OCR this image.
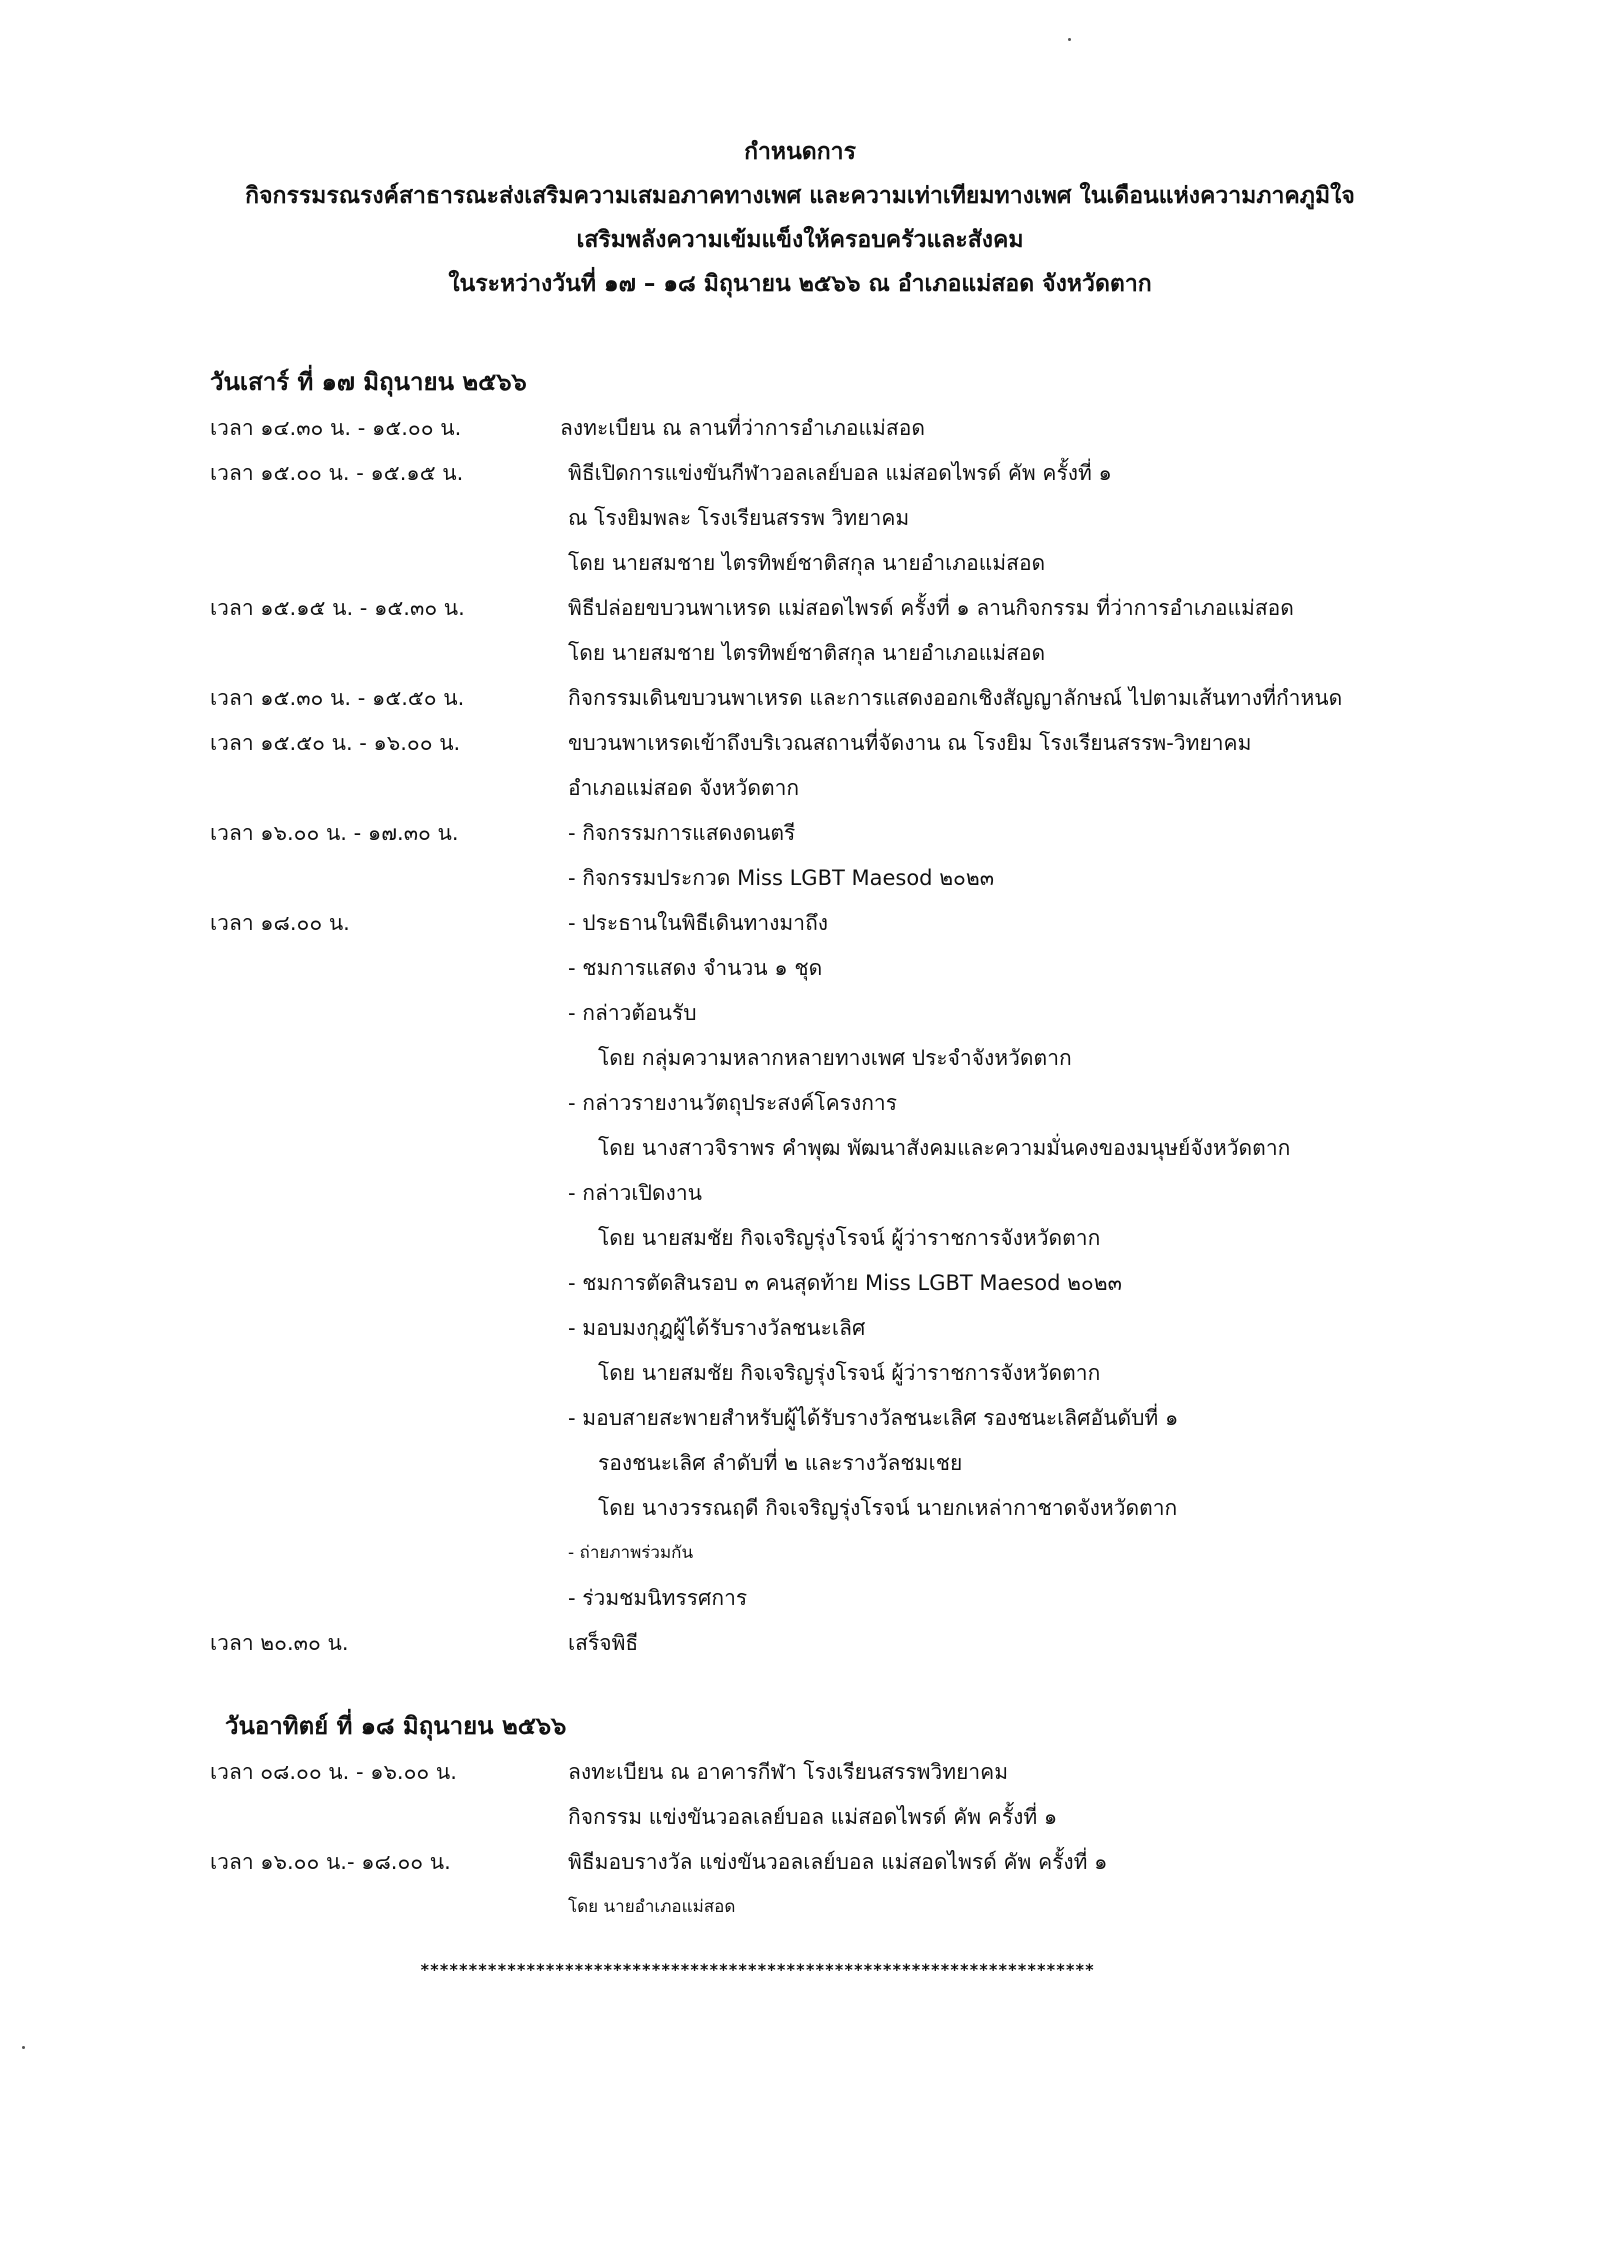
กำหนดการ
กิจกรรมรณรงค์สาธารณะส่งเสริมความเสมอภาคทางเพศ และความเท่าเทียมทางเพศ ในเดือนแห่งความภาคภูมิใจ
เสริมพลังความเข้มแข็งให้ครอบครัวและสังคม
ในระหว่างวันที่ ๑๗ – ๑๘ มิถุนายน ๒๕๖๖ ณ อำเภอแม่สอด จังหวัดตาก
วันเสาร์ ที่ ๑๗ มิถุนายน ๒๕๖๖
เวลา ๑๔.๓๐ น. - ๑๕.๐๐ น.	ลงทะเบียน ณ ลานที่ว่าการอำเภอแม่สอด
เวลา ๑๕.๐๐ น. - ๑๕.๑๕ น.	พิธีเปิดการแข่งขันกีฬาวอลเลย์บอล แม่สอดไพรด์ คัพ ครั้งที่ ๑
ณ โรงยิมพละ โรงเรียนสรรพ วิทยาคม
โดย นายสมชาย ไตรทิพย์ชาติสกุล นายอำเภอแม่สอด
เวลา ๑๕.๑๕ น. - ๑๕.๓๐ น.	พิธีปล่อยขบวนพาเหรด แม่สอดไพรด์ ครั้งที่ ๑ ลานกิจกรรม ที่ว่าการอำเภอแม่สอด
โดย นายสมชาย ไตรทิพย์ชาติสกุล นายอำเภอแม่สอด
เวลา ๑๕.๓๐ น. - ๑๕.๕๐ น.	กิจกรรมเดินขบวนพาเหรด และการแสดงออกเชิงสัญญาลักษณ์ ไปตามเส้นทางที่กำหนด
เวลา ๑๕.๕๐ น. - ๑๖.๐๐ น.	ขบวนพาเหรดเข้าถึงบริเวณสถานที่จัดงาน ณ โรงยิม โรงเรียนสรรพ-วิทยาคม
อำเภอแม่สอด จังหวัดตาก
เวลา ๑๖.๐๐ น. - ๑๗.๓๐ น.	- กิจกรรมการแสดงดนตรี
- กิจกรรมประกวด Miss LGBT Maesod ๒๐๒๓
เวลา ๑๘.๐๐ น.	- ประธานในพิธีเดินทางมาถึง
- ชมการแสดง จำนวน ๑ ชุด
- กล่าวต้อนรับ
โดย กลุ่มความหลากหลายทางเพศ ประจำจังหวัดตาก
- กล่าวรายงานวัตถุประสงค์โครงการ
โดย นางสาวจิราพร คำพุฒ พัฒนาสังคมและความมั่นคงของมนุษย์จังหวัดตาก
- กล่าวเปิดงาน
โดย นายสมชัย กิจเจริญรุ่งโรจน์ ผู้ว่าราชการจังหวัดตาก
- ชมการตัดสินรอบ ๓ คนสุดท้าย Miss LGBT Maesod ๒๐๒๓
- มอบมงกุฎผู้ได้รับรางวัลชนะเลิศ
โดย นายสมชัย กิจเจริญรุ่งโรจน์ ผู้ว่าราชการจังหวัดตาก
- มอบสายสะพายสำหรับผู้ได้รับรางวัลชนะเลิศ รองชนะเลิศอันดับที่ ๑
รองชนะเลิศ ลำดับที่ ๒ และรางวัลชมเชย
โดย นางวรรณฤดี กิจเจริญรุ่งโรจน์ นายกเหล่ากาชาดจังหวัดตาก
- ถ่ายภาพร่วมกัน
- ร่วมชมนิทรรศการ
เวลา ๒๐.๓๐ น.	เสร็จพิธี
วันอาทิตย์ ที่ ๑๘ มิถุนายน ๒๕๖๖
เวลา ๐๘.๐๐ น. - ๑๖.๐๐ น.	ลงทะเบียน ณ อาคารกีฬา โรงเรียนสรรพวิทยาคม
กิจกรรม แข่งขันวอลเลย์บอล แม่สอดไพรด์ คัพ ครั้งที่ ๑
เวลา ๑๖.๐๐ น.- ๑๘.๐๐ น.	พิธีมอบรางวัล แข่งขันวอลเลย์บอล แม่สอดไพรด์ คัพ ครั้งที่ ๑
โดย นายอำเภอแม่สอด
**********************************************************************
